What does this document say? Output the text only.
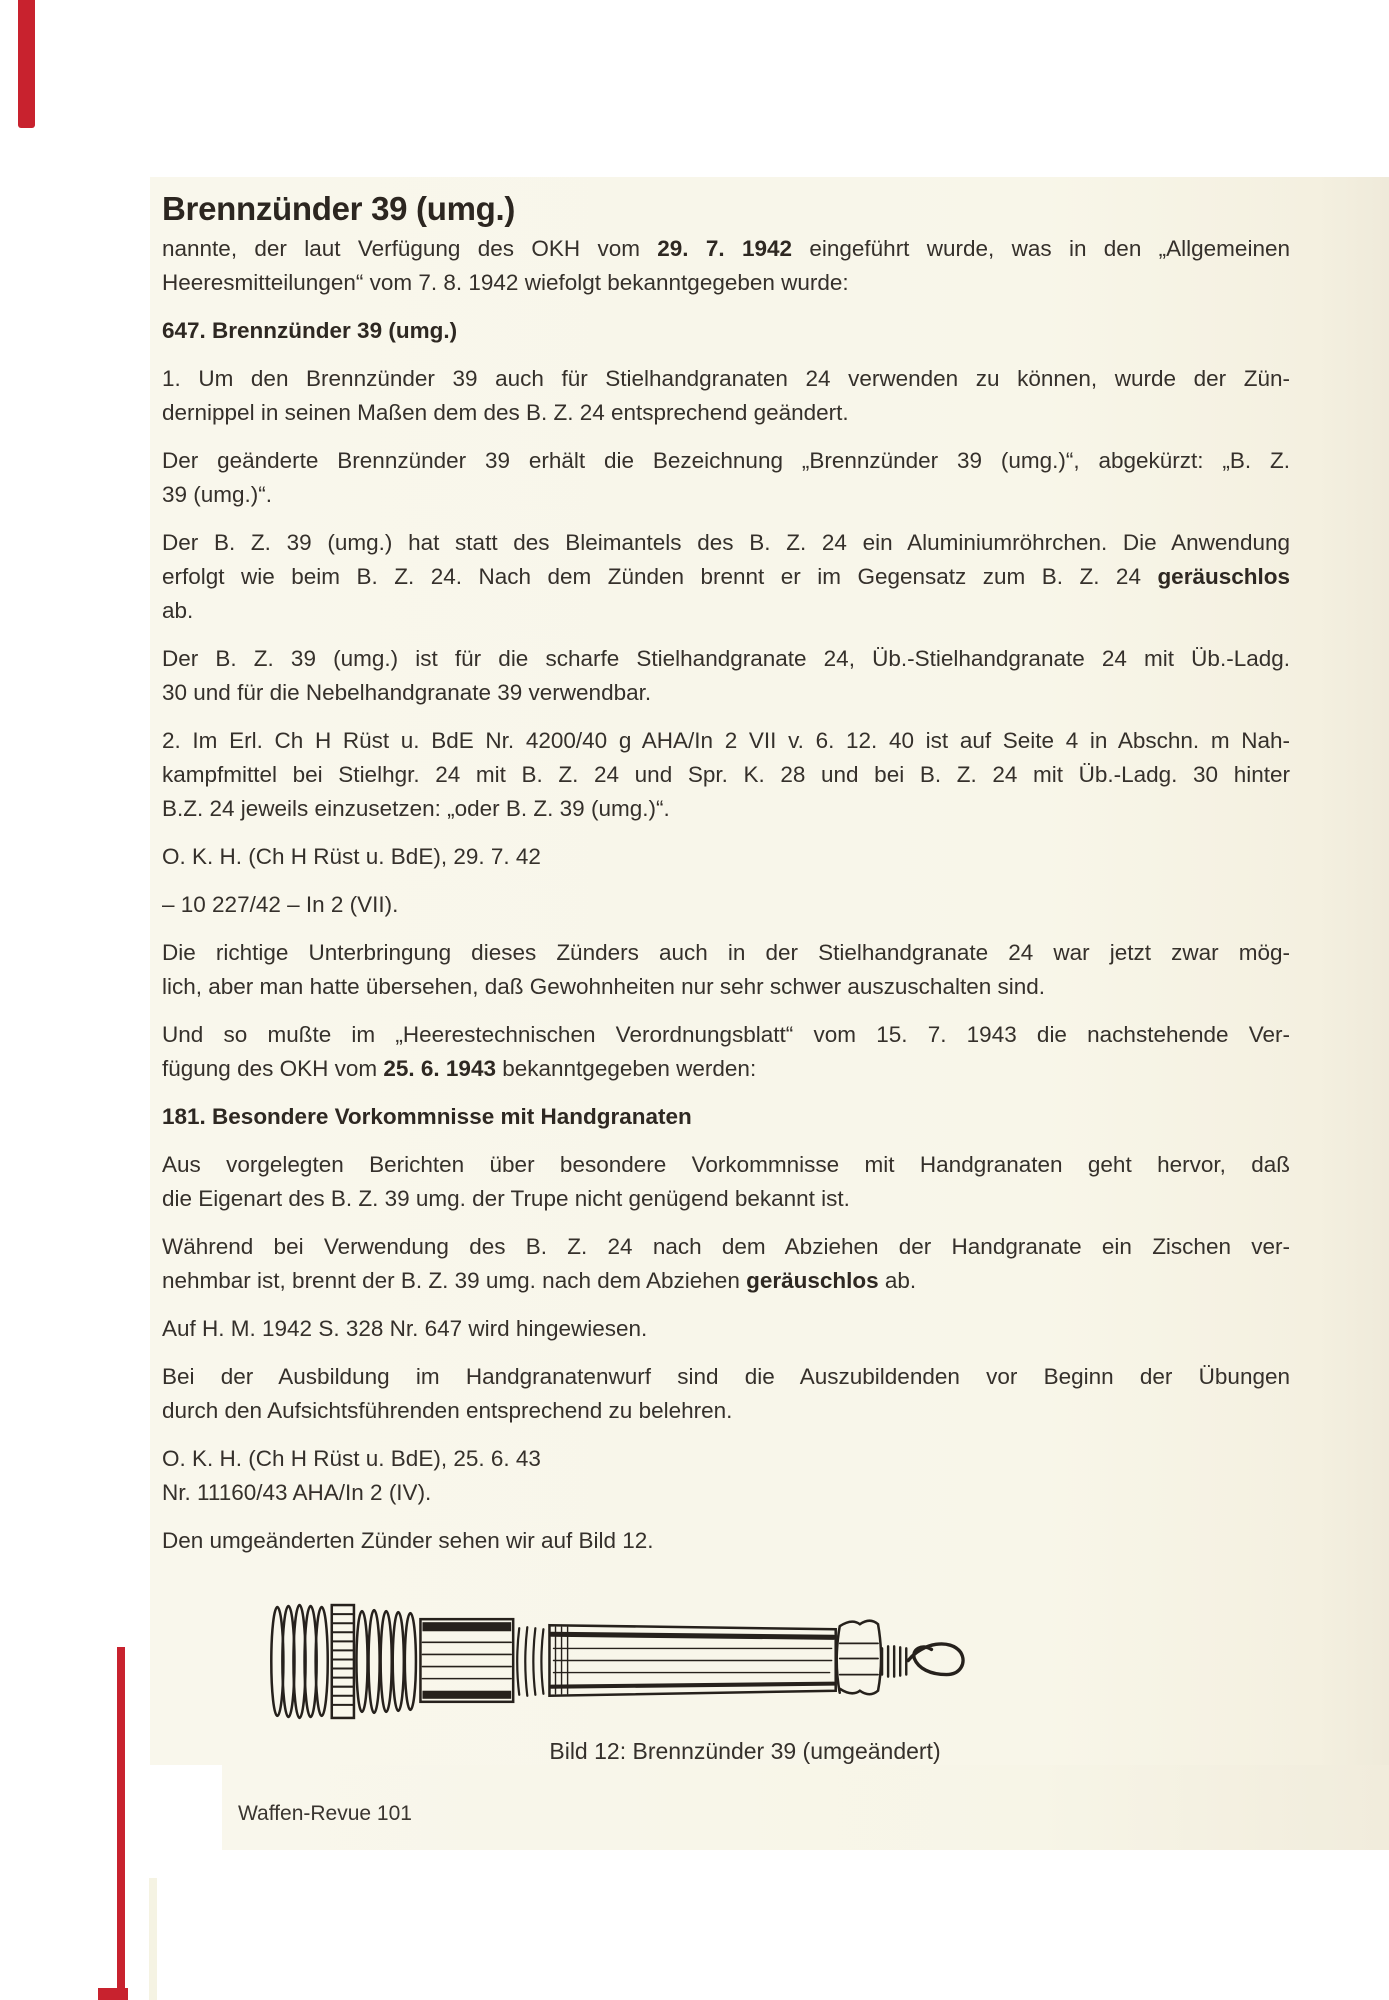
Brennzünder 39 (umg.)
nannte, der laut Verfügung des OKH vom 29. 7. 1942 eingeführt wurde, was in den „Allgemeinen
Heeresmitteilungen“ vom 7. 8. 1942 wiefolgt bekanntgegeben wurde:
647. Brennzünder 39 (umg.)
1. Um den Brennzünder 39 auch für Stielhandgranaten 24 verwenden zu können, wurde der Zün-
dernippel in seinen Maßen dem des B. Z. 24 entsprechend geändert.
Der geänderte Brennzünder 39 erhält die Bezeichnung „Brennzünder 39 (umg.)“, abgekürzt: „B. Z.
39 (umg.)“.
Der B. Z. 39 (umg.) hat statt des Bleimantels des B. Z. 24 ein Aluminiumröhrchen. Die Anwendung
erfolgt wie beim B. Z. 24. Nach dem Zünden brennt er im Gegensatz zum B. Z. 24 geräuschlos
ab.
Der B. Z. 39 (umg.) ist für die scharfe Stielhandgranate 24, Üb.-Stielhandgranate 24 mit Üb.-Ladg.
30 und für die Nebelhandgranate 39 verwendbar.
2. Im Erl. Ch H Rüst u. BdE Nr. 4200/40 g AHA/In 2 VII v. 6. 12. 40 ist auf Seite 4 in Abschn. m Nah-
kampfmittel bei Stielhgr. 24 mit B. Z. 24 und Spr. K. 28 und bei B. Z. 24 mit Üb.-Ladg. 30 hinter
B.Z. 24 jeweils einzusetzen: „oder B. Z. 39 (umg.)“.
O. K. H. (Ch H Rüst u. BdE), 29. 7. 42
– 10 227/42 – In 2 (VII).
Die richtige Unterbringung dieses Zünders auch in der Stielhandgranate 24 war jetzt zwar mög-
lich, aber man hatte übersehen, daß Gewohnheiten nur sehr schwer auszuschalten sind.
Und so mußte im „Heerestechnischen Verordnungsblatt“ vom 15. 7. 1943 die nachstehende Ver-
fügung des OKH vom 25. 6. 1943 bekanntgegeben werden:
181. Besondere Vorkommnisse mit Handgranaten
Aus vorgelegten Berichten über besondere Vorkommnisse mit Handgranaten geht hervor, daß
die Eigenart des B. Z. 39 umg. der Trupe nicht genügend bekannt ist.
Während bei Verwendung des B. Z. 24 nach dem Abziehen der Handgranate ein Zischen ver-
nehmbar ist, brennt der B. Z. 39 umg. nach dem Abziehen geräuschlos ab.
Auf H. M. 1942 S. 328 Nr. 647 wird hingewiesen.
Bei der Ausbildung im Handgranatenwurf sind die Auszubildenden vor Beginn der Übungen
durch den Aufsichtsführenden entsprechend zu belehren.
O. K. H. (Ch H Rüst u. BdE), 25. 6. 43
Nr. 11160/43 AHA/In 2 (IV).
Den umgeänderten Zünder sehen wir auf Bild 12.
Bild 12: Brennzünder 39 (umgeändert)
Waffen-Revue 101
